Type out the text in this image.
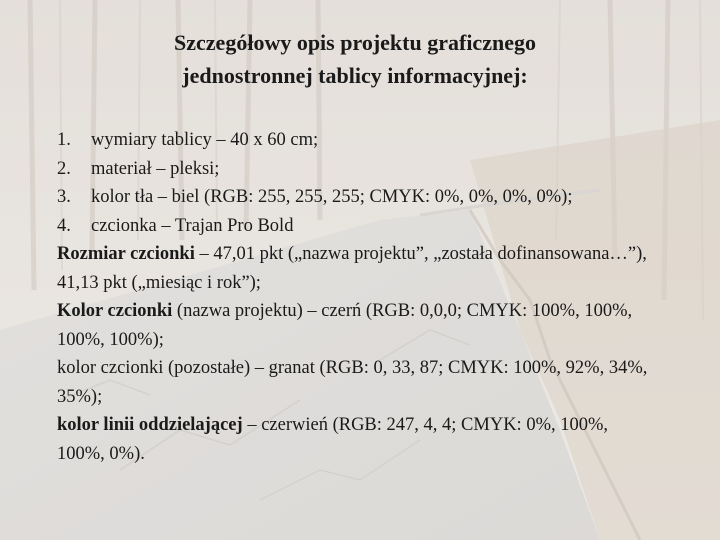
Szczegółowy opis projektu graficznego
jednostronnej tablicy informacyjnej:
1. wymiary tablicy – 40 x 60 cm;
2. materiał – pleksi;
3. kolor tła – biel (RGB: 255, 255, 255; CMYK: 0%, 0%, 0%, 0%);
4. czcionka – Trajan Pro Bold

Rozmiar czcionki – 47,01 pkt („nazwa projektu”, „została dofinansowana…”), 41,13 pkt („miesiąc i rok”);

Kolor czcionki (nazwa projektu) – czerń (RGB: 0,0,0; CMYK: 100%, 100%, 100%, 100%);

kolor czcionki (pozostałe) – granat (RGB: 0, 33, 87; CMYK: 100%, 92%, 34%, 35%);

kolor linii oddzielającej – czerwień (RGB: 247, 4, 4; CMYK: 0%, 100%, 100%, 0%).
